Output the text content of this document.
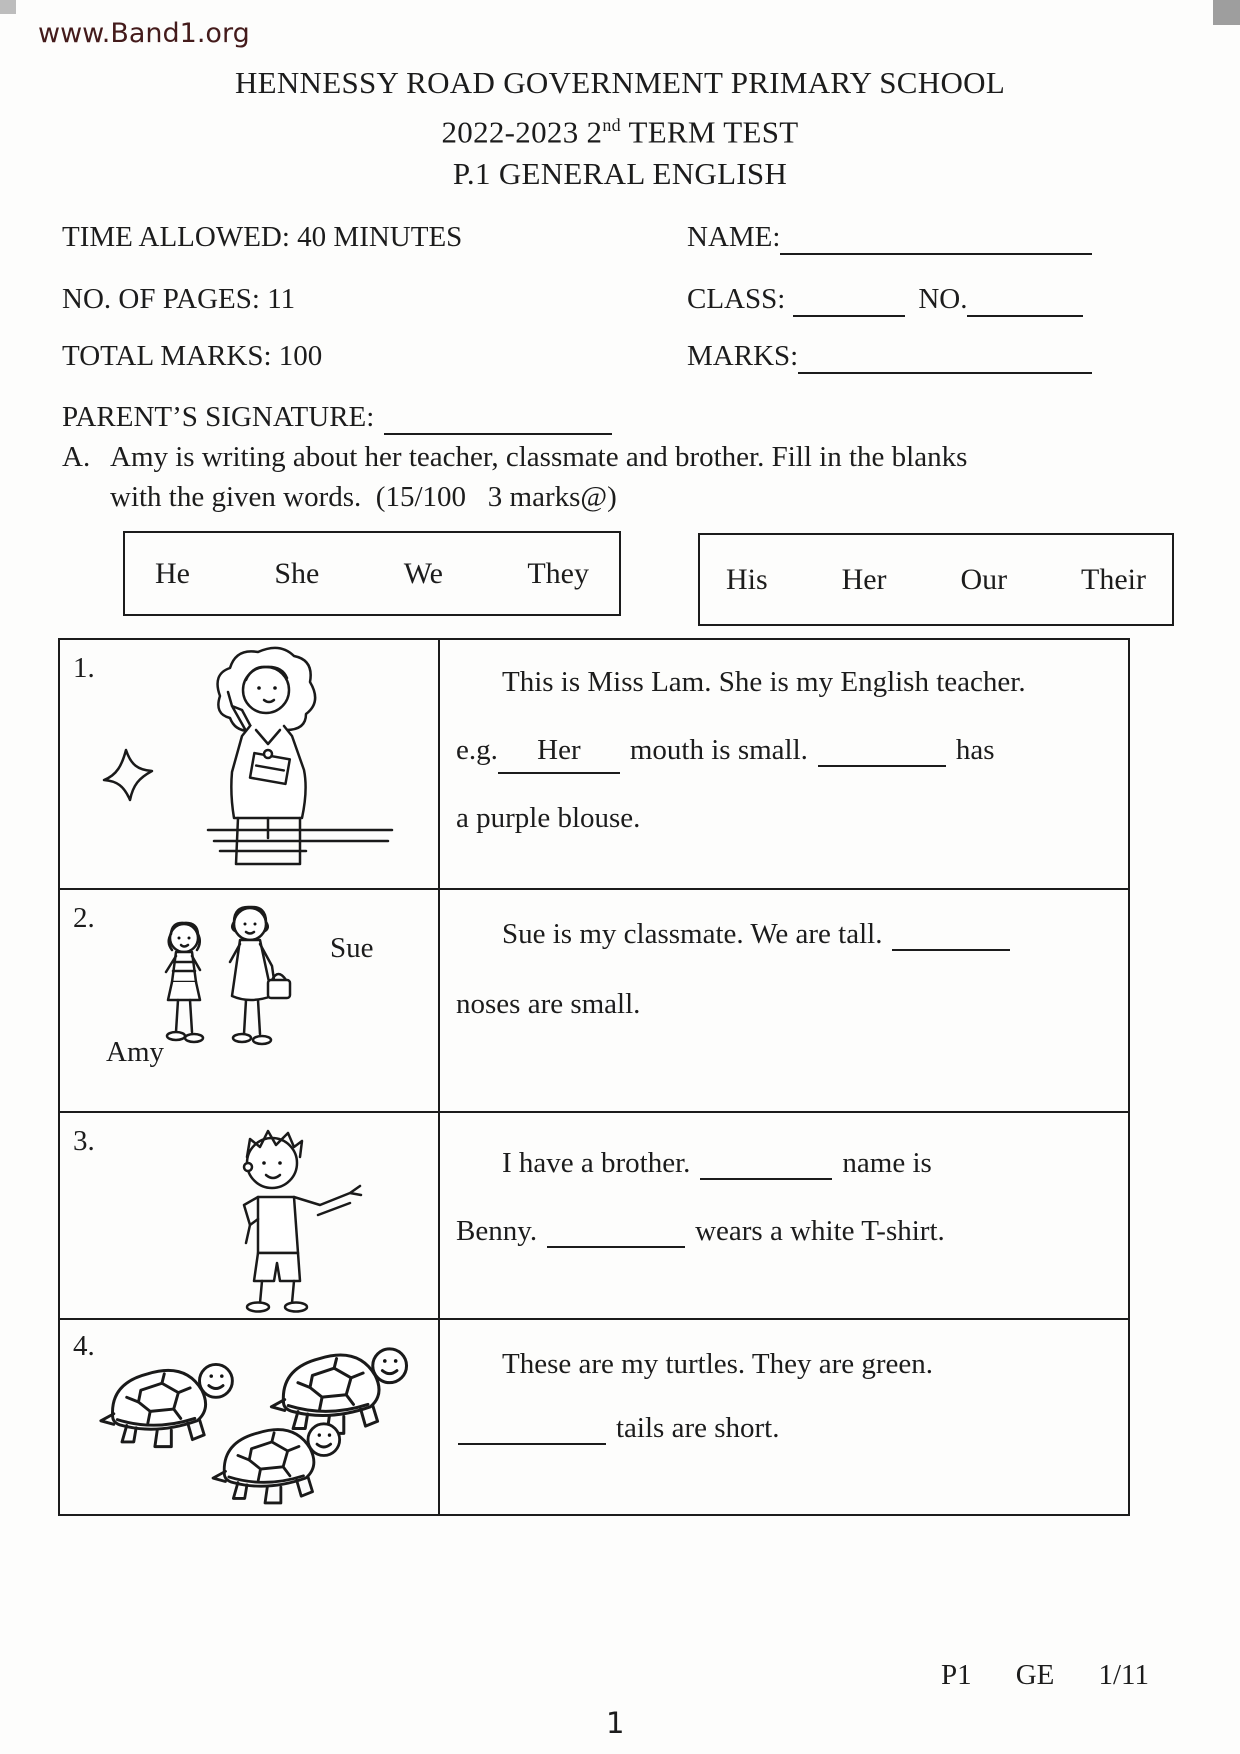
www.Band1.org
HENNESSY ROAD GOVERNMENT PRIMARY SCHOOL
2022-2023 2nd TERM TEST
P.1 GENERAL ENGLISH
TIME ALLOWED: 40 MINUTES
NO. OF PAGES: 11
TOTAL MARKS: 100
NAME:
CLASS:	NO.
MARKS:
PARENT’S SIGNATURE:
A. Amy is writing about her teacher, classmate and brother. Fill in the blanks
with the given words.  (15/100   3 marks@)
He	She	We	They	His Her Our Their
1.	This is Miss Lam. She is my English teacher.
e.g. Her mouth is small.	has
a purple blouse.
2.
Sue
Amy
Sue is my classmate. We are tall.
noses are small.
3.
I have a brother.	name is
Benny.	wears a white T-shirt.
4.
These are my turtles. They are green.
tails are short.
P1 GE 1/11
1
